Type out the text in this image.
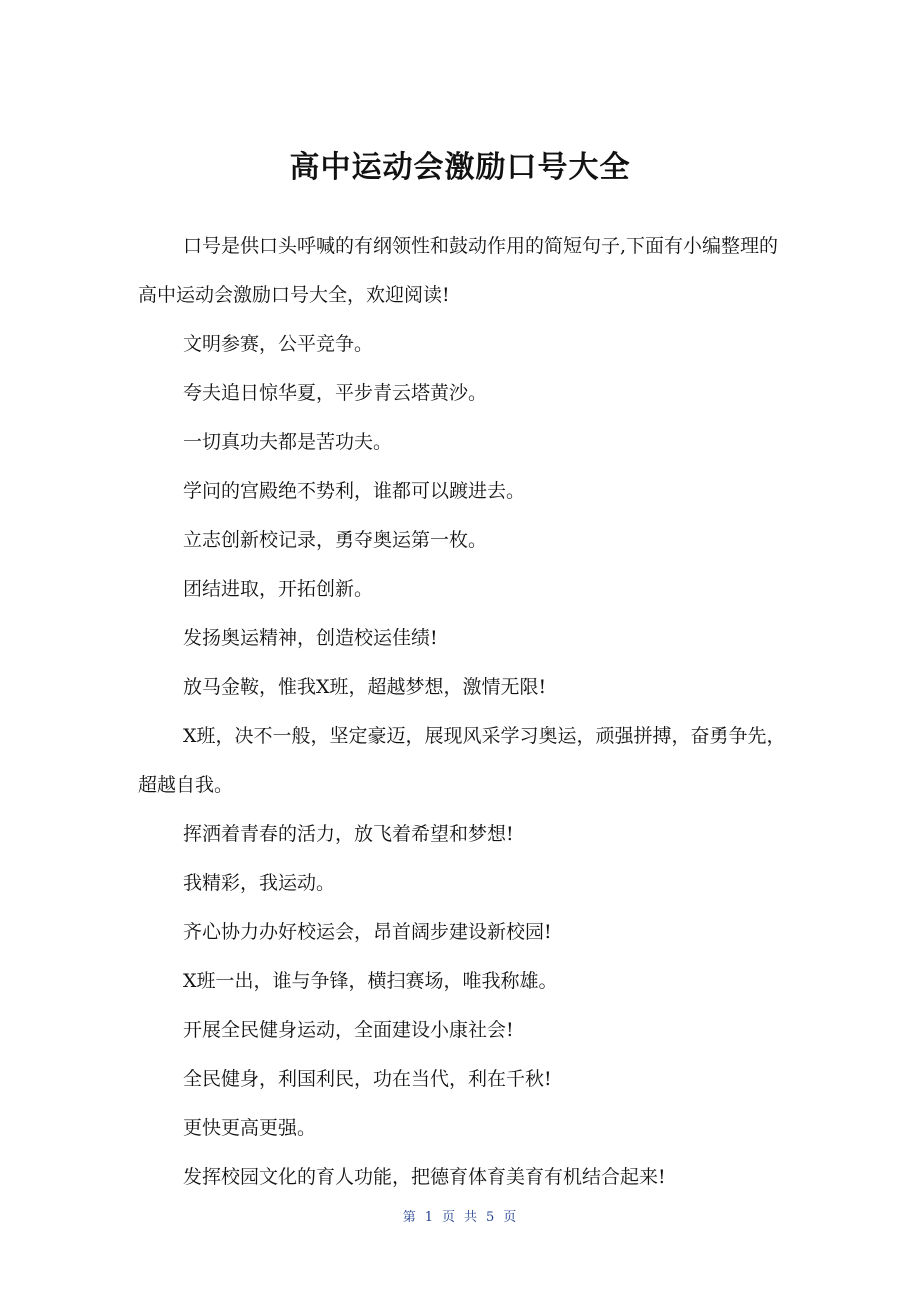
高中运动会激励口号大全

口号是供口头呼喊的有纲领性和鼓动作用的简短句子,下面有小编整理的高中运动会激励口号大全，欢迎阅读!

文明参赛，公平竞争。

夸夫追日惊华夏，平步青云塔黄沙。

一切真功夫都是苦功夫。

学问的宫殿绝不势利，谁都可以踱进去。

立志创新校记录，勇夺奥运第一枚。

团结进取，开拓创新。

发扬奥运精神，创造校运佳绩!

放马金鞍，惟我X班，超越梦想，激情无限!

X班，决不一般，坚定豪迈，展现风采学习奥运，顽强拼搏，奋勇争先，超越自我。

挥洒着青春的活力，放飞着希望和梦想!

我精彩，我运动。

齐心协力办好校运会，昂首阔步建设新校园!

X班一出，谁与争锋，横扫赛场，唯我称雄。

开展全民健身运动，全面建设小康社会!

全民健身，利国利民，功在当代，利在千秋!

更快更高更强。

发挥校园文化的育人功能，把德育体育美育有机结合起来!

第 1 页 共 5 页
